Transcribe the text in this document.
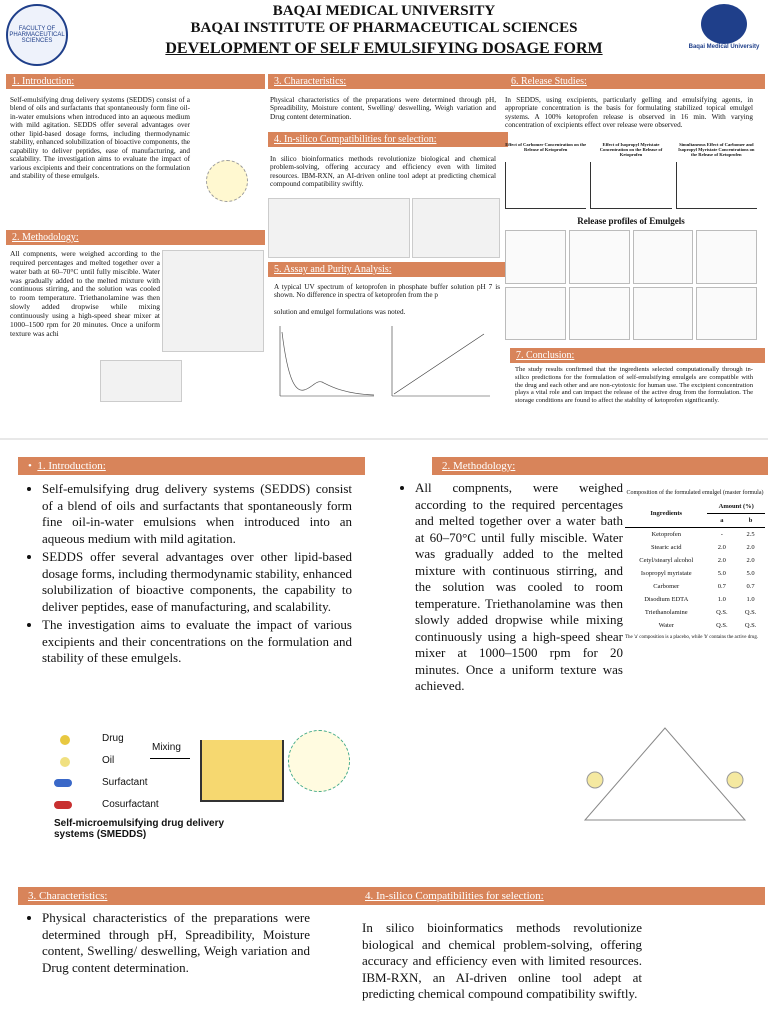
FACULTY OF PHARMACEUTICAL SCIENCES
Baqai Medical University
BAQAI MEDICAL UNIVERSITY
BAQAI INSTITUTE OF PHARMACEUTICAL SCIENCES
DEVELOPMENT OF SELF EMULSIFYING DOSAGE FORM
1. Introduction:
Self-emulsifying drug delivery systems (SEDDS) consist of a blend of oils and surfactants that spontaneously form fine oil-in-water emulsions when introduced into an aqueous medium with mild agitation. SEDDS offer several advantages over other lipid-based dosage forms, including thermodynamic stability, enhanced solubilization of bioactive components, the capability to deliver peptides, ease of manufacturing, and scalability. The investigation aims to evaluate the impact of various excipients and their concentrations on the formulation and stability of these emulgels.
2. Methodology:
All compnents, were weighed according to the required percentages and melted together over a water bath at 60–70°C until fully miscible. Water was gradually added to the melted mixture with continuous stirring, and the solution was cooled to room temperature. Triethanolamine was then slowly added dropwise while mixing continuously using a high-speed shear mixer at 1000–1500 rpm for 20 minutes. Once a uniform texture was achi
3. Characteristics:
Physical characteristics of the preparations were determined through pH, Spreadibility, Moisture content, Swelling/ deswelling, Weigh variation and Drug content determination.
4. In-silico Compatibilities for selection:
In silico bioinformatics methods revolutionize biological and chemical problem-solving, offering accuracy and efficiency even with limited resources. IBM-RXN, an AI-driven online tool adept at predicting chemical compound compatibility swiftly.
5. Assay and Purity Analysis:
A typical UV spectrum of ketoprofen in phosphate buffer solution pH 7 is shown. No difference in spectra of ketoprofen from the p
solution and emulgel formulations was noted.
6. Release Studies:
In SEDDS, using excipients, particularly gelling and emulsifying agents, in appropriate concentration is the basis for formulating stabilized topical emulgel systems. A 100% ketoprofen release is observed in 16 min. With varying concentration of excipients effect over release were observed.
Effect of Carbomer Concentration on the Release of Ketoprofen
Effect of Isopropyl Myristate Concentration on the Release of Ketoprofen
Simultaneous Effect of Carbomer and Isopropyl Myristate Concentrations on the Release of Ketoprofen
Release profiles of Emulgels
7. Conclusion:
The study results confirmed that the ingredients selected computationally through in-silico predictions for the formulation of self-emulsifying emulgels are compatible with the drug and each other and are non-cytotoxic for human use. The excipient concentration plays a vital role and can impact the release of the active drug from the formulation. The storage conditions are found to affect the stability of ketoprofen significantly.
•  1. Introduction:
• Self-emulsifying drug delivery systems (SEDDS) consist of a blend of oils and surfactants that spontaneously form fine oil-in-water emulsions when introduced into an aqueous medium with mild agitation.
• SEDDS offer several advantages over other lipid-based dosage forms, including thermodynamic stability, enhanced solubilization of bioactive components, the capability to deliver peptides, ease of manufacturing, and scalability.
• The investigation aims to evaluate the impact of various excipients and their concentrations on the formulation and stability of these emulgels.
Drug
Oil
Surfactant
Cosurfactant
Mixing
Self-microemulsifying drug delivery systems (SMEDDS)
2. Methodology:
• All compnents, were weighed according to the required percentages and melted together over a water bath at 60–70°C until fully miscible. Water was gradually added to the melted mixture with continuous stirring, and the solution was cooled to room temperature. Triethanolamine was then slowly added dropwise while mixing continuously using a high-speed shear mixer at 1000–1500 rpm for 20 minutes. Once a uniform texture was achieved.
Composition of the formulated emulgel (master formula)
Ingredients	Amount (%)	
	a	b
Ketoprofen	-	2.5
Stearic acid	2.0	2.0
Cetyl/stearyl alcohol	2.0	2.0
Isopropyl myristate	5.0	5.0
Carbomer	0.7	0.7
Disodium EDTA	1.0	1.0
Triethanolamine	Q.S.	Q.S.
Water	Q.S.	Q.S.
The 'a' composition is a placebo, while 'b' contains the active drug.
3. Characteristics:
• Physical characteristics of the preparations were determined through pH, Spreadibility, Moisture content, Swelling/ deswelling, Weigh variation and Drug content determination.
4. In-silico Compatibilities for selection:
In silico bioinformatics methods revolutionize biological and chemical problem-solving, offering accuracy and efficiency even with limited resources. IBM-RXN, an AI-driven online tool adept at predicting chemical compound compatibility swiftly.
